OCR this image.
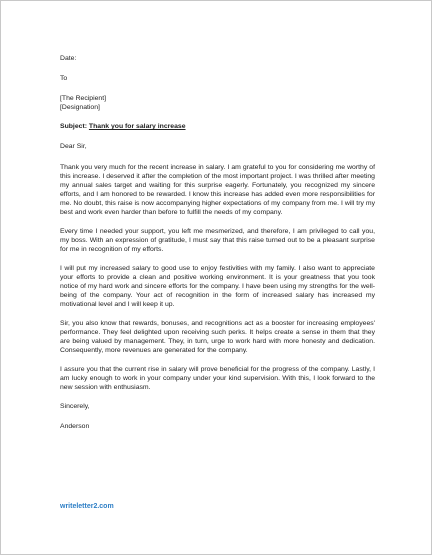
Date:

To

[The Recipient]

[Designation]

Subject: Thank you for salary increase

Dear Sir,

Thank you very much for the recent increase in salary. I am grateful to you for considering me worthy of this increase. I deserved it after the completion of the most important project. I was thrilled after meeting my annual sales target and waiting for this surprise eagerly. Fortunately, you recognized my sincere efforts, and I am honored to be rewarded. I know this increase has added even more responsibilities for me. No doubt, this raise is now accompanying higher expectations of my company from me. I will try my best and work even harder than before to fulfill the needs of my company.

Every time I needed your support, you left me mesmerized, and therefore, I am privileged to call you, my boss. With an expression of gratitude, I must say that this raise turned out to be a pleasant surprise for me in recognition of my efforts.

I will put my increased salary to good use to enjoy festivities with my family. I also want to appreciate your efforts to provide a clean and positive working environment. It is your greatness that you took notice of my hard work and sincere efforts for the company. I have been using my strengths for the well-being of the company. Your act of recognition in the form of increased salary has increased my motivational level and I will keep it up.

Sir, you also know that rewards, bonuses, and recognitions act as a booster for increasing employees' performance. They feel delighted upon receiving such perks. It helps create a sense in them that they are being valued by management. They, in turn, urge to work hard with more honesty and dedication. Consequently, more revenues are generated for the company.

I assure you that the current rise in salary will prove beneficial for the progress of the company. Lastly, I am lucky enough to work in your company under your kind supervision. With this, I look forward to the new session with enthusiasm.

Sincerely,

Anderson

writeletter2.com
